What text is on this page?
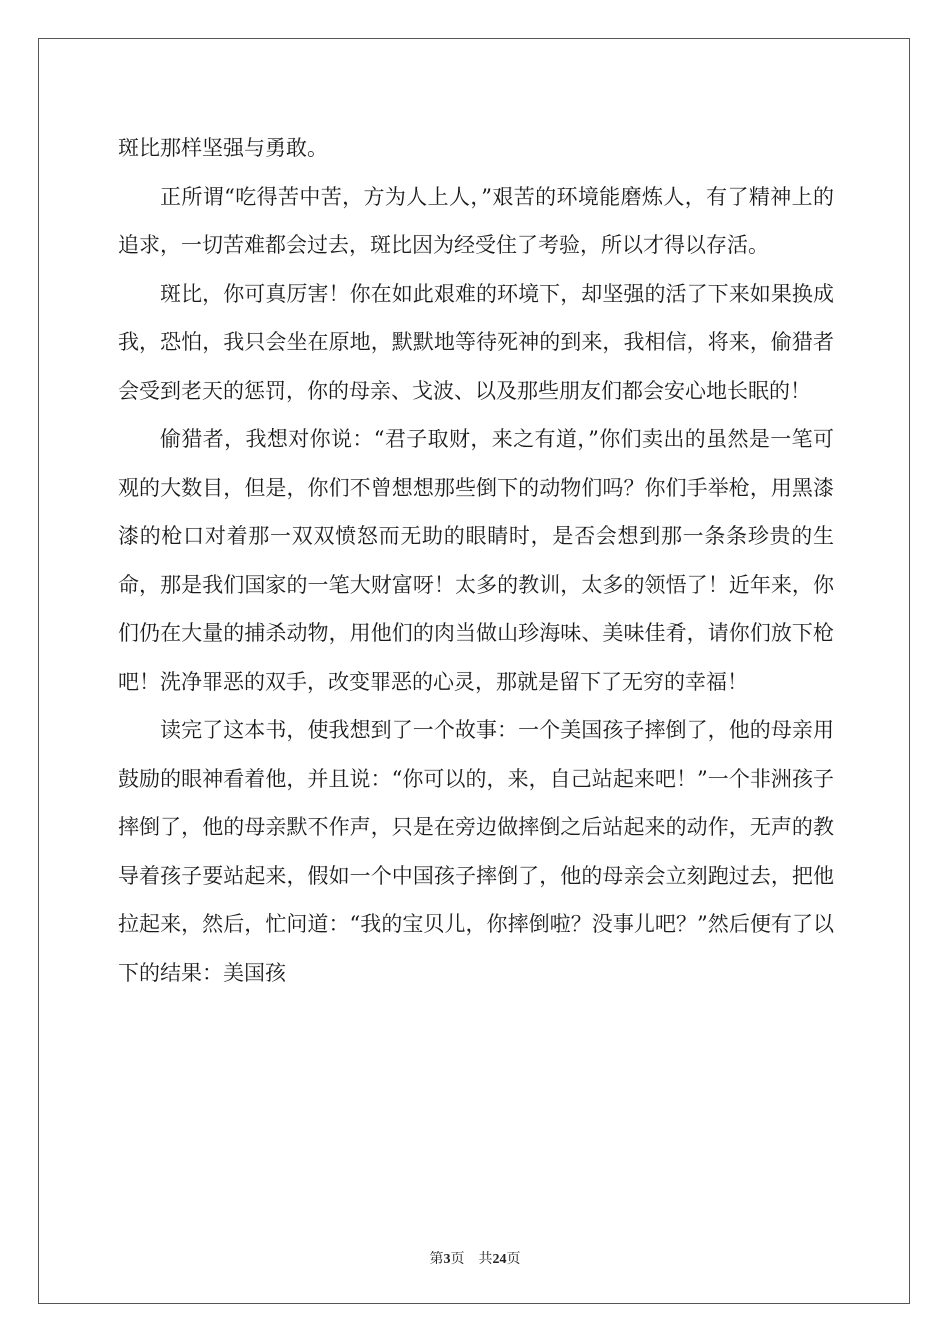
斑比那样坚强与勇敢。

正所谓“吃得苦中苦，方为人上人，”艰苦的环境能磨炼人，有了精神上的追求，一切苦难都会过去，斑比因为经受住了考验，所以才得以存活。

斑比，你可真厉害！你在如此艰难的环境下，却坚强的活了下来如果换成我，恐怕，我只会坐在原地，默默地等待死神的到来，我相信，将来，偷猎者会受到老天的惩罚，你的母亲、戈波、以及那些朋友们都会安心地长眠的！

偷猎者，我想对你说：“君子取财，来之有道，”你们卖出的虽然是一笔可观的大数目，但是，你们不曾想想那些倒下的动物们吗？你们手举枪，用黑漆漆的枪口对着那一双双愤怒而无助的眼睛时，是否会想到那一条条珍贵的生命，那是我们国家的一笔大财富呀！太多的教训，太多的领悟了！近年来，你们仍在大量的捕杀动物，用他们的肉当做山珍海味、美味佳肴，请你们放下枪吧！洗净罪恶的双手，改变罪恶的心灵，那就是留下了无穷的幸福！

读完了这本书，使我想到了一个故事：一个美国孩子摔倒了，他的母亲用鼓励的眼神看着他，并且说：“你可以的，来，自己站起来吧！”一个非洲孩子摔倒了，他的母亲默不作声，只是在旁边做摔倒之后站起来的动作，无声的教导着孩子要站起来，假如一个中国孩子摔倒了，他的母亲会立刻跑过去，把他拉起来，然后，忙问道：“我的宝贝儿，你摔倒啦？没事儿吧？”然后便有了以下的结果：美国孩

第3页　共24页
